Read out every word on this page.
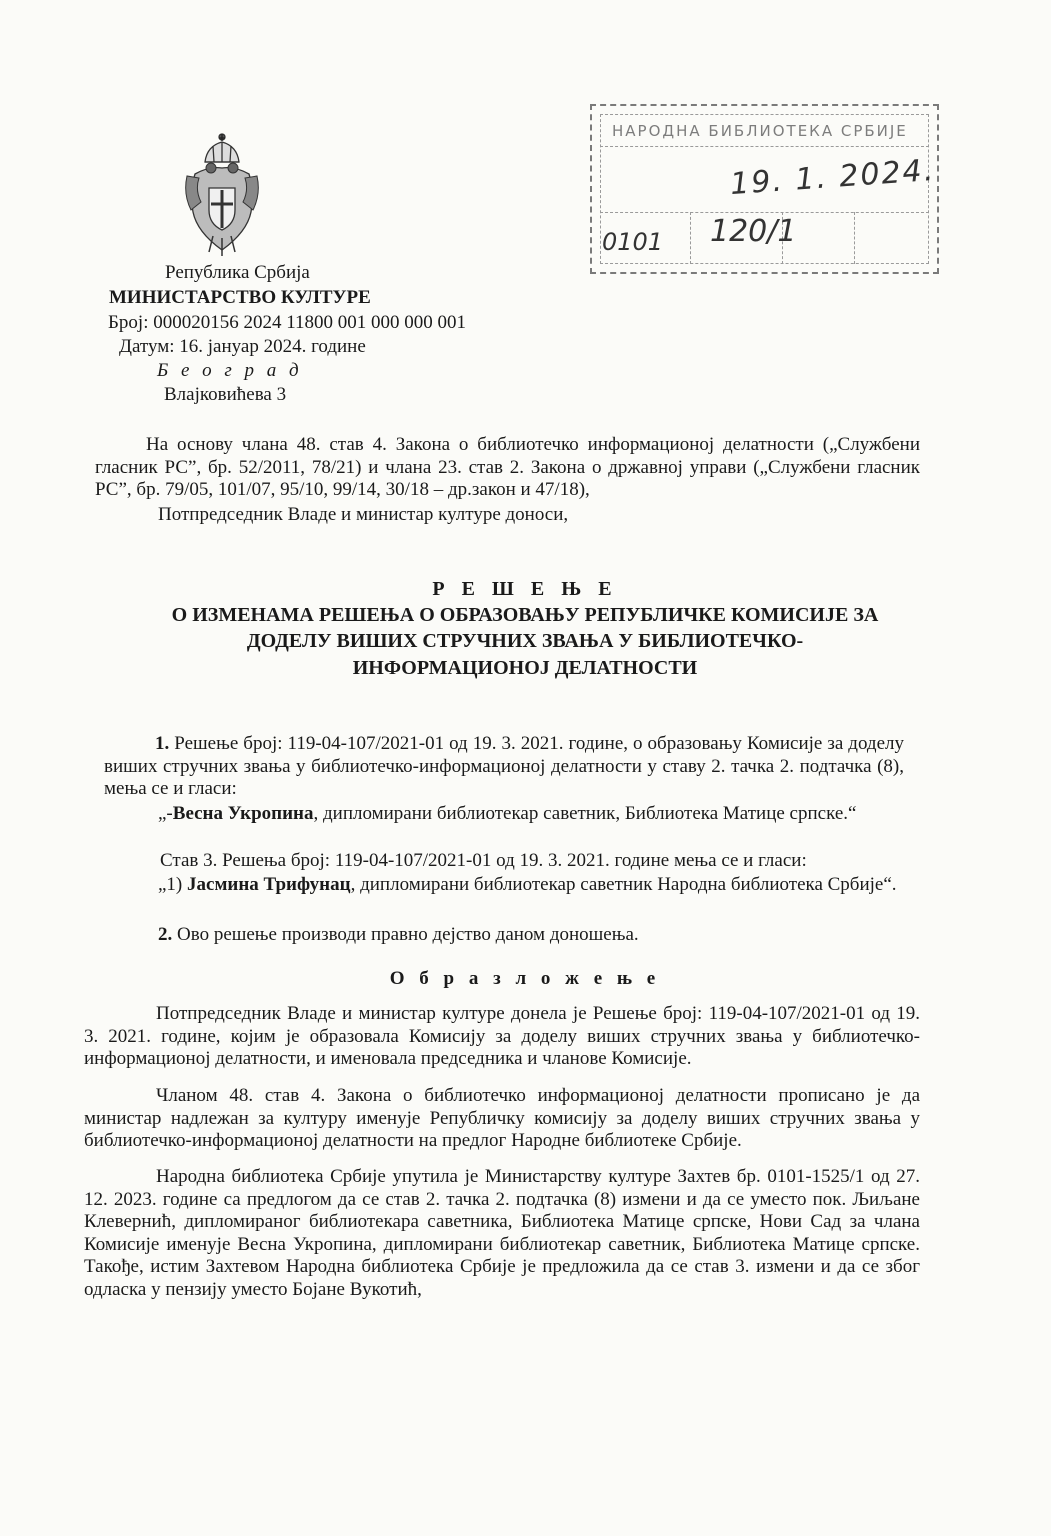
Република Србија
МИНИСТАРСТВО КУЛТУРЕ
Број: 000020156 2024 11800 001 000 000 001
Датум: 16. јануар 2024. године
Б е о г р а д
Влајковићева 3
НАРОДНА БИБЛИОТЕКА СРБИЈЕ
19. 1. 2024.
0101 120/1
На основу члана 48. став 4. Закона о библиотечко информационој делатности („Службени гласник РС”, бр. 52/2011, 78/21) и члана 23. став 2. Закона о државној управи („Службени гласник РС”, бр. 79/05, 101/07, 95/10, 99/14, 30/18 – др.закон и 47/18),
Потпредседник Владе и министар културе доноси,
Р Е Ш Е Њ Е
О ИЗМЕНАМА РЕШЕЊА О ОБРАЗОВАЊУ РЕПУБЛИЧКЕ КОМИСИЈЕ ЗА
ДОДЕЛУ ВИШИХ СТРУЧНИХ ЗВАЊА У БИБЛИОТЕЧКО-
ИНФОРМАЦИОНОЈ ДЕЛАТНОСТИ
1. Решење број: 119-04-107/2021-01 од 19. 3. 2021. године, о образовању Комисије за доделу виших стручних звања у библиотечко-информационој делатности у ставу 2. тачка 2. подтачка (8), мења се и гласи:
„-Весна Укропина, дипломирани библиотекар саветник, Библиотека Матице српске.“
Став 3. Решења број: 119-04-107/2021-01 од 19. 3. 2021. године мења се и гласи:
„1) Јасмина Трифунац, дипломирани библиотекар саветник Народна библиотека Србије“.
2. Ово решење производи правно дејство даном доношења.
О б р а з л о ж е њ е
Потпредседник Владе и министар културе донела је Решење број: 119-04-107/2021-01 од 19. 3. 2021. године, којим је образовала Комисију за доделу виших стручних звања у библиотечко-информационој делатности, и именовала председника и чланове Комисије.
Чланом 48. став 4. Закона о библиотечко информационој делатности прописано је да министар надлежан за културу именује Републичку комисију за доделу виших стручних звања у библиотечко-информационој делатности на предлог Народне библиотеке Србије.
Народна библиотека Србије упутила је Министарству културе Захтев бр. 0101-1525/1 од 27. 12. 2023. године са предлогом да се став 2. тачка 2. подтачка (8) измени и да се уместо пок. Љиљане Клевернић, дипломираног библиотекара саветника, Библиотека Матице српске, Нови Сад за члана Комисије именује Весна Укропина, дипломирани библиотекар саветник, Библиотека Матице српске. Такође, истим Захтевом Народна библиотека Србије је предложила да се став 3. измени и да се због одласка у пензију уместо Бојане Вукотић,
